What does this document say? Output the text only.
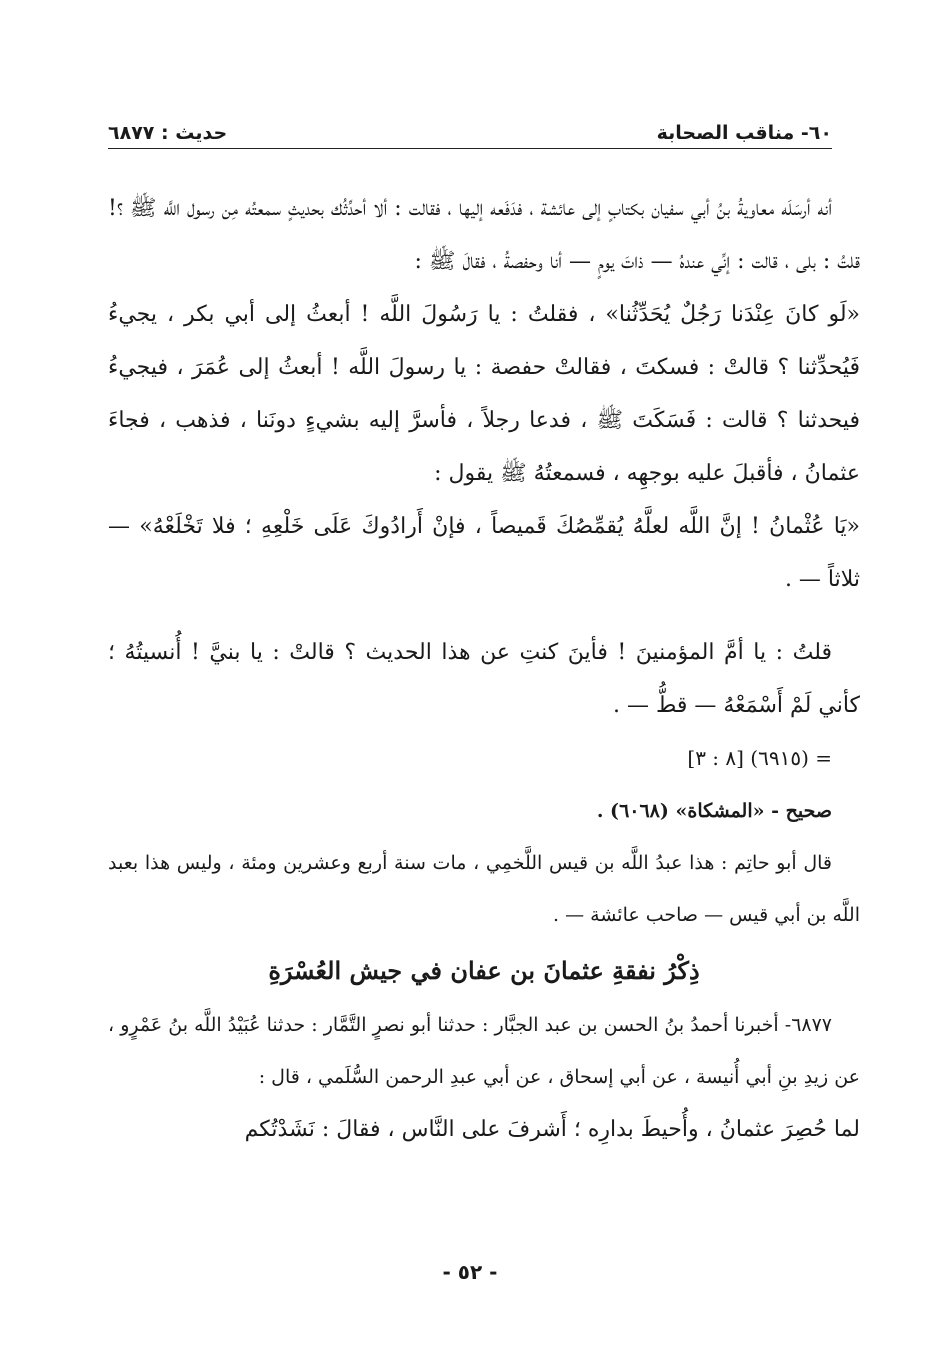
٦٠- مناقب الصحابة
حديث : ٦٨٧٧

أنه أرسَلَه معاويةُ بنُ أبي سفيان بكتابٍ إلى عائشة ، فدَفَعه إليها ، فقالت : ألا أحدِّثُك بحديثٍ سمعتُه مِن رسول اللَّه ﷺ ؟! قلتُ : بلى ، قالت : إنِّي عندهُ — ذاتَ يومٍ — أنا وحفصةُ ، فقالَ ﷺ :

«لَو كانَ عِنْدَنا رَجُلٌ يُحَدِّثُنا» ، فقلتُ : يا رَسُولَ اللَّه ! أبعثُ إلى أبي بكر ، يجيءُ فَيُحدِّثنا ؟ قالتْ : فسكتَ ، فقالتْ حفصة : يا رسولَ اللَّه ! أبعثُ إلى عُمَرَ ، فيجيءُ فيحدثنا ؟ قالت : فَسَكَتَ ﷺ ، فدعا رجلاً ، فأسرَّ إليه بشيءٍ دونَنا ، فذهب ، فجاءَ عثمانُ ، فأقبلَ عليه بوجهِه ، فسمعتُهُ ﷺ يقول :

«يَا عُثْمانُ ! إنَّ اللَّه لعلَّهُ يُقمِّصُكَ قَميصاً ، فإنْ أَرادُوكَ عَلَى خَلْعِهِ ؛ فلا تَخْلَعْهُ» — ثلاثاً — .

قلتُ : يا أمَّ المؤمنينَ ! فأينَ كنتِ عن هذا الحديث ؟ قالتْ : يا بنيَّ ! أُنسيتُهُ ؛ كأني لَمْ أَسْمَعْهُ — قطُّ — .

= (٦٩١٥) [٨ : ٣]

صحيح - «المشكاة» (٦٠٦٨) .

قال أبو حاتِم : هذا عبدُ اللَّه بن قيس اللَّخمِي ، مات سنة أربع وعشرين ومئة ، وليس هذا بعبد اللَّه بن أبي قيس — صاحب عائشة — .

ذِكْرُ نفقةِ عثمانَ بن عفان في جيش العُسْرَةِ

٦٨٧٧- أخبرنا أحمدُ بنُ الحسن بن عبد الجبَّار : حدثنا أبو نصرٍ التَّمَّار : حدثنا عُبَيْدُ اللَّه بنُ عَمْرٍو ، عن زيدِ بنِ أبي أُنيسة ، عن أبي إسحاق ، عن أبي عبدِ الرحمن السُّلَمي ، قال :

لما حُصِرَ عثمانُ ، وأُحيطَ بدارِه ؛ أَشرفَ على النَّاس ، فقالَ : نَشَدْتُكم

- ٥٢ -
